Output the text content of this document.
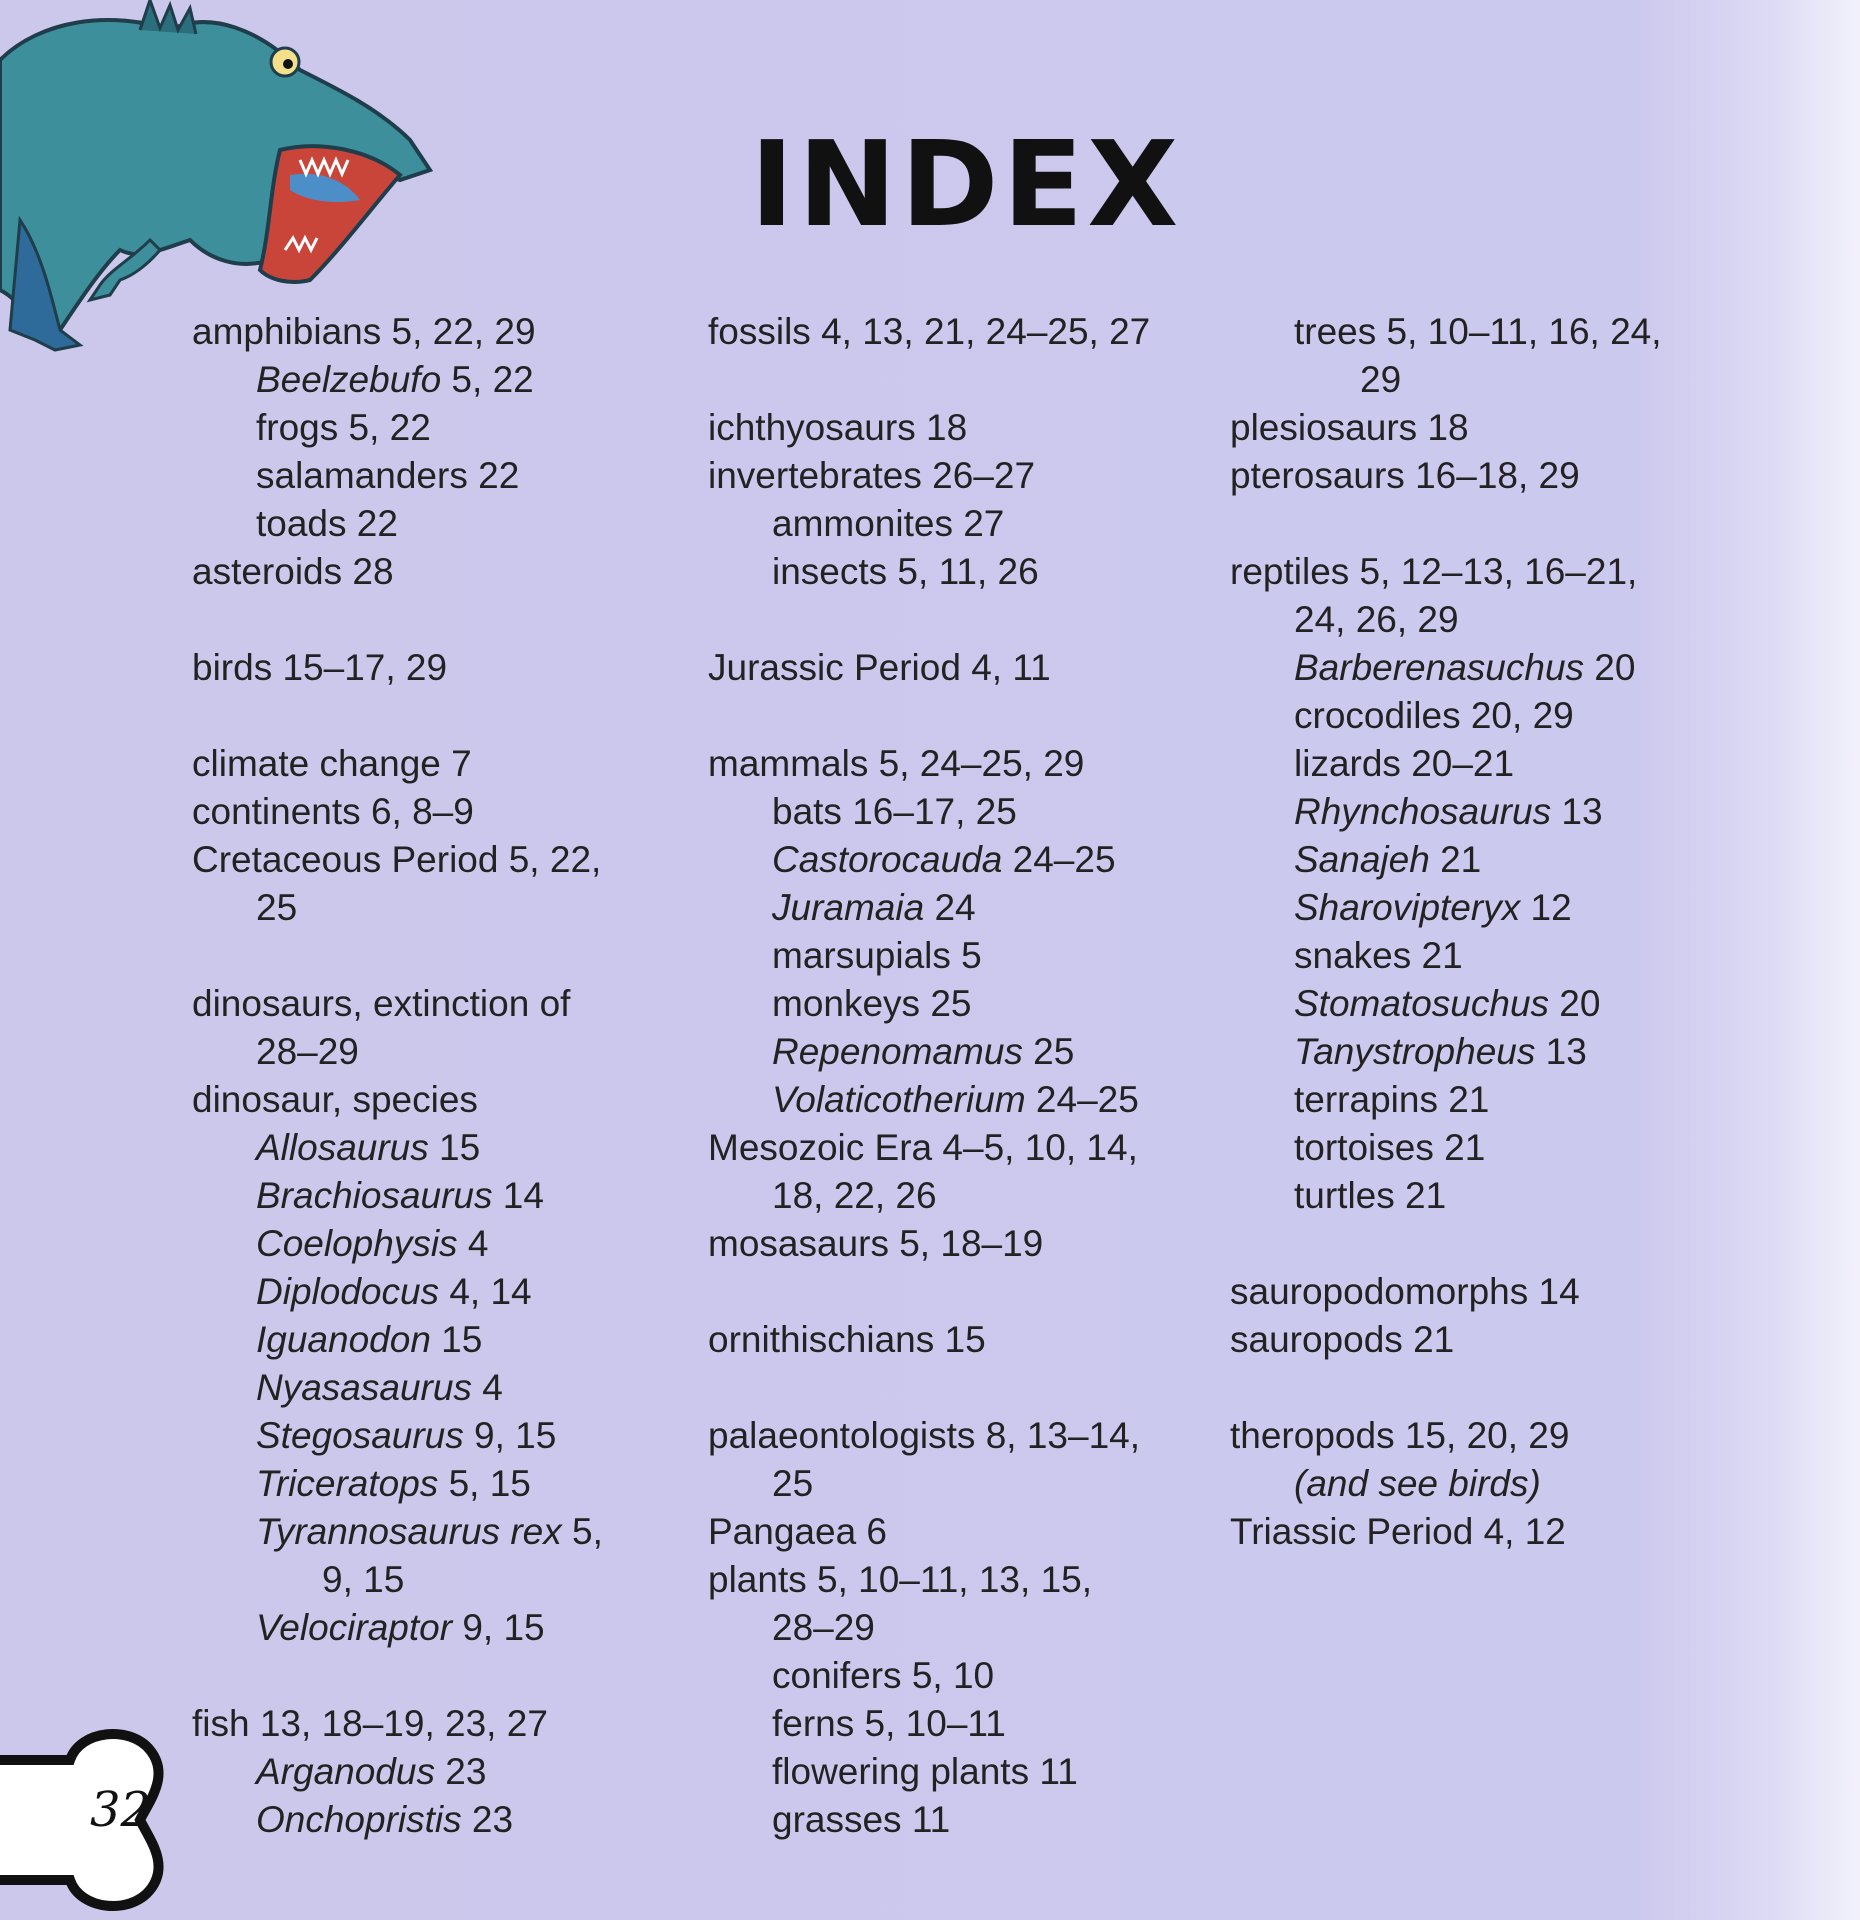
INDEX
amphibians 5, 22, 29
Beelzebufo 5, 22
frogs 5, 22
salamanders 22
toads 22
asteroids 28
birds 15–17, 29
climate change 7
continents 6, 8–9
Cretaceous Period 5, 22,
25
dinosaurs, extinction of
28–29
dinosaur, species
Allosaurus 15
Brachiosaurus 14
Coelophysis 4
Diplodocus 4, 14
Iguanodon 15
Nyasasaurus 4
Stegosaurus 9, 15
Triceratops 5, 15
Tyrannosaurus rex 5,
9, 15
Velociraptor 9, 15
fish 13, 18–19, 23, 27
Arganodus 23
Onchopristis 23
fossils 4, 13, 21, 24–25, 27
ichthyosaurs 18
invertebrates 26–27
ammonites 27
insects 5, 11, 26
Jurassic Period 4, 11
mammals 5, 24–25, 29
bats 16–17, 25
Castorocauda 24–25
Juramaia 24
marsupials 5
monkeys 25
Repenomamus 25
Volaticotherium 24–25
Mesozoic Era 4–5, 10, 14,
18, 22, 26
mosasaurs 5, 18–19
ornithischians 15
palaeontologists 8, 13–14,
25
Pangaea 6
plants 5, 10–11, 13, 15,
28–29
conifers 5, 10
ferns 5, 10–11
flowering plants 11
grasses 11
trees 5, 10–11, 16, 24,
29
plesiosaurs 18
pterosaurs 16–18, 29
reptiles 5, 12–13, 16–21,
24, 26, 29
Barberenasuchus 20
crocodiles 20, 29
lizards 20–21
Rhynchosaurus 13
Sanajeh 21
Sharovipteryx 12
snakes 21
Stomatosuchus 20
Tanystropheus 13
terrapins 21
tortoises 21
turtles 21
sauropodomorphs 14
sauropods 21
theropods 15, 20, 29
(and see birds)
Triassic Period 4, 12
32
